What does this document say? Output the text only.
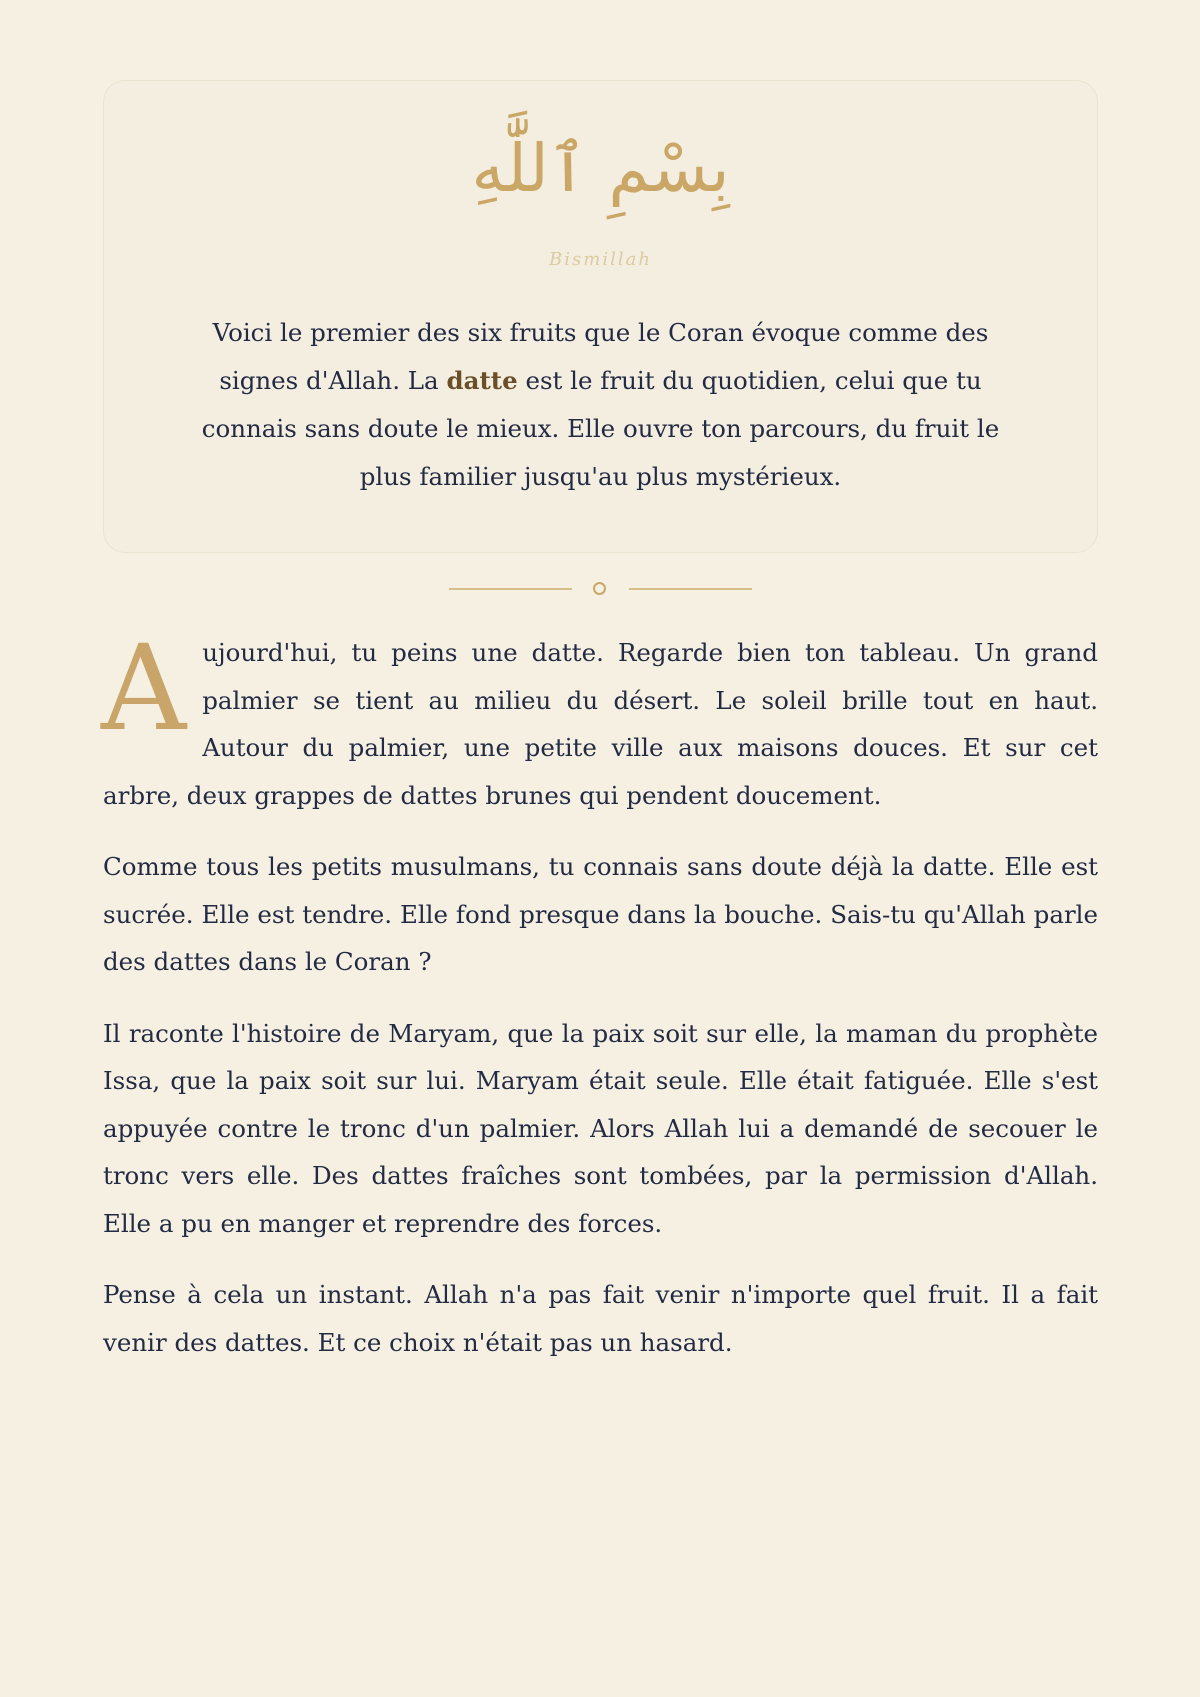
بِسْمِ ٱللَّٰهِ
Bismillah
Voici le premier des six fruits que le Coran évoque comme des signes d'Allah. La datte est le fruit du quotidien, celui que tu connais sans doute le mieux. Elle ouvre ton parcours, du fruit le plus familier jusqu'au plus mystérieux.

Aujourd'hui, tu peins une datte. Regarde bien ton tableau. Un grand palmier se tient au milieu du désert. Le soleil brille tout en haut. Autour du palmier, une petite ville aux maisons douces. Et sur cet arbre, deux grappes de dattes brunes qui pendent doucement.

Comme tous les petits musulmans, tu connais sans doute déjà la datte. Elle est sucrée. Elle est tendre. Elle fond presque dans la bouche. Sais-tu qu'Allah parle des dattes dans le Coran ?

Il raconte l'histoire de Maryam, que la paix soit sur elle, la maman du prophète Issa, que la paix soit sur lui. Maryam était seule. Elle était fatiguée. Elle s'est appuyée contre le tronc d'un palmier. Alors Allah lui a demandé de secouer le tronc vers elle. Des dattes fraîches sont tombées, par la permission d'Allah. Elle a pu en manger et reprendre des forces.

Pense à cela un instant. Allah n'a pas fait venir n'importe quel fruit. Il a fait venir des dattes. Et ce choix n'était pas un hasard.
